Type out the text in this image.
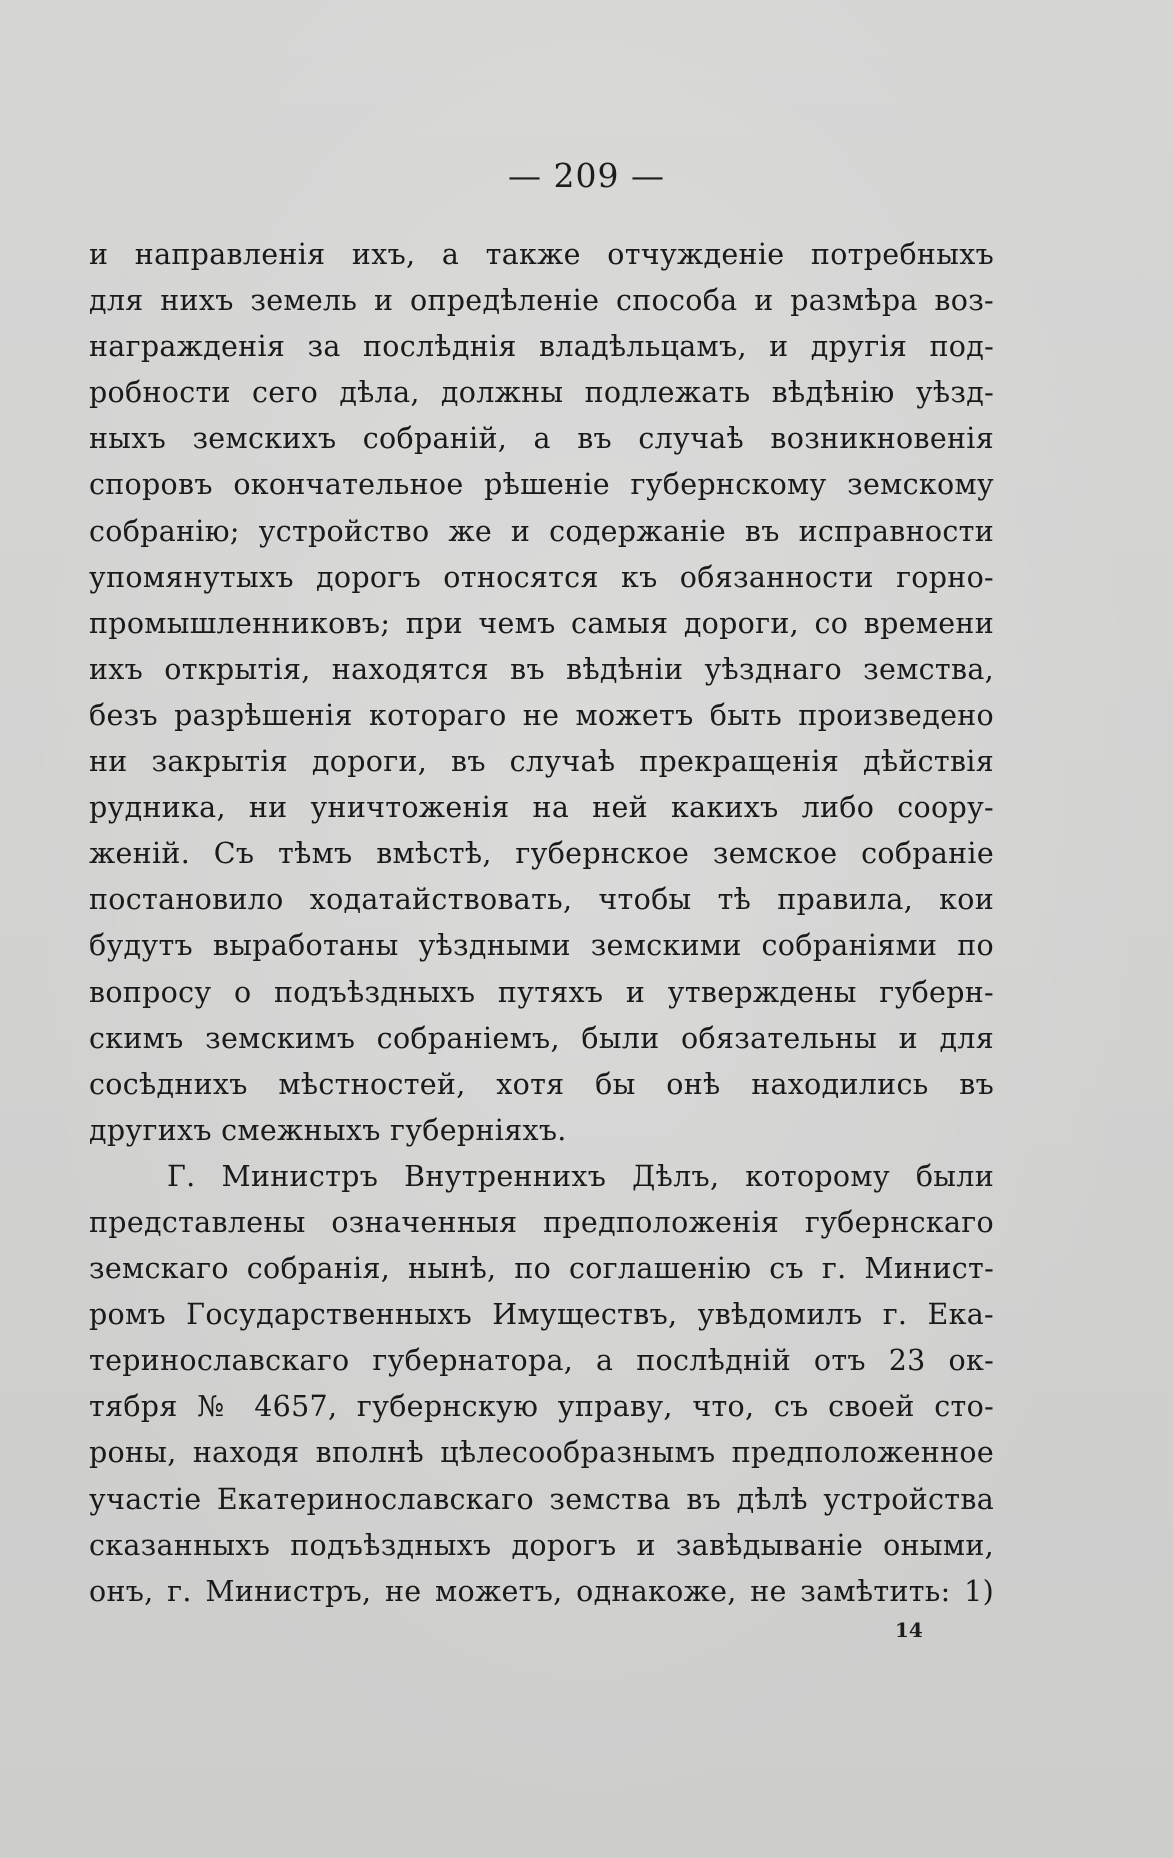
— 209 —
и направленія ихъ, а также отчужденіе потребныхъ
для нихъ земель и опредѣленіе способа и размѣра воз-
награжденія за послѣднія владѣльцамъ, и другія под-
робности сего дѣла, должны подлежать вѣдѣнію уѣзд-
ныхъ земскихъ собраній, а въ случаѣ возникновенія
споровъ окончательное рѣшеніе губернскому земскому
собранію; устройство же и содержаніе въ исправности
упомянутыхъ дорогъ относятся къ обязанности горно-
промышленниковъ; при чемъ самыя дороги, со времени
ихъ открытія, находятся въ вѣдѣніи уѣзднаго земства,
безъ разрѣшенія котораго не можетъ быть произведено
ни закрытія дороги, въ случаѣ прекращенія дѣйствія
рудника, ни уничтоженія на ней какихъ либо соору-
женій. Съ тѣмъ вмѣстѣ, губернское земское собраніе
постановило ходатайствовать, чтобы тѣ правила, кои
будутъ выработаны уѣздными земскими собраніями по
вопросу о подъѣздныхъ путяхъ и утверждены губерн-
скимъ земскимъ собраніемъ, были обязательны и для
сосѣднихъ мѣстностей, хотя бы онѣ находились въ
другихъ смежныхъ губерніяхъ.
Г. Министръ Внутреннихъ Дѣлъ, которому были
представлены означенныя предположенія губернскаго
земскаго собранія, нынѣ, по соглашенію съ г. Минист-
ромъ Государственныхъ Имуществъ, увѣдомилъ г. Ека-
теринославскаго губернатора, а послѣдній отъ 23 ок-
тября № 4657, губернскую управу, что, съ своей сто-
роны, находя вполнѣ цѣлесообразнымъ предположенное
участіе Екатеринославскаго земства въ дѣлѣ устройства
сказанныхъ подъѣздныхъ дорогъ и завѣдываніе оными,
онъ, г. Министръ, не можетъ, однакоже, не замѣтить: 1)
14
